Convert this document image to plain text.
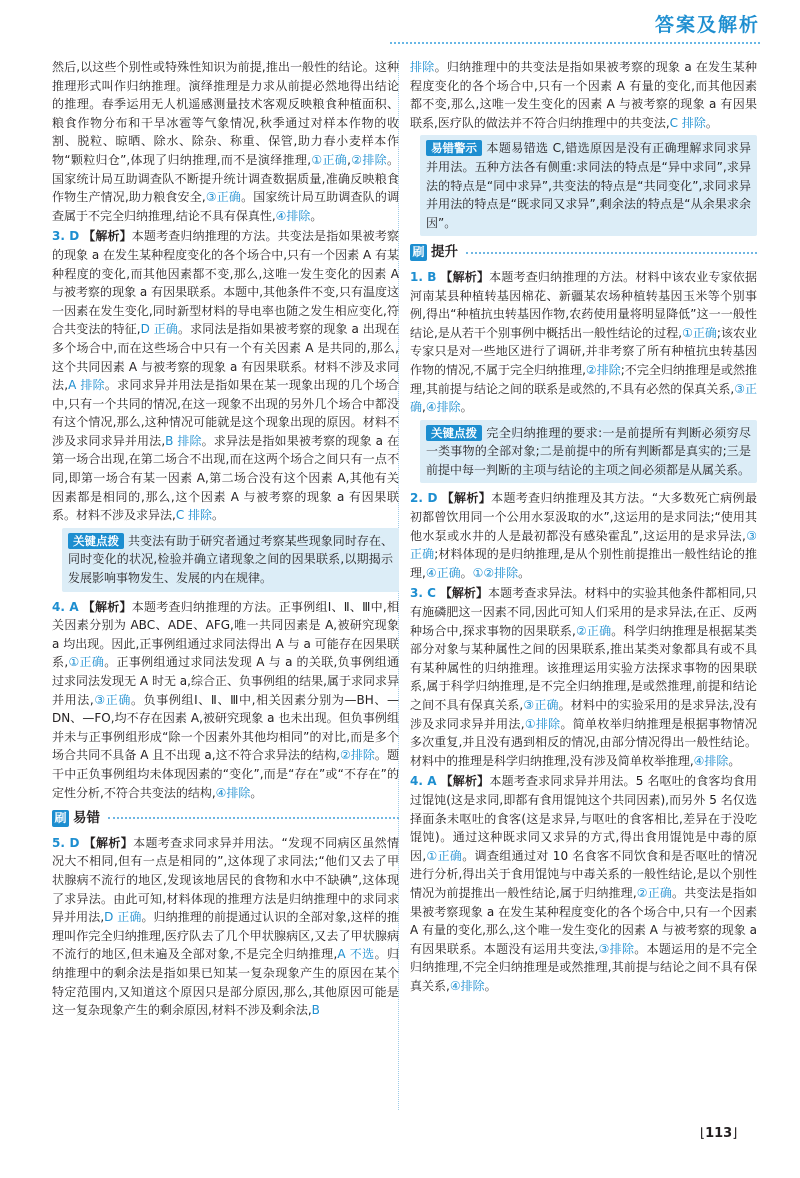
答案及解析

然后,以这些个别性或特殊性知识为前提,推出一般性的结论。这种推理形式叫作归纳推理。演绎推理是力求从前提必然地得出结论的推理。春季运用无人机遥感测量技术客观反映粮食种植面积、粮食作物分布和干旱冰雹等气象情况,秋季通过对样本作物的收割、脱粒、晾晒、除水、除杂、称重、保管,助力春小麦样本作物“颗粒归仓”,体现了归纳推理,而不是演绎推理,①正确,②排除。国家统计局互助调查队不断提升统计调查数据质量,准确反映粮食作物生产情况,助力粮食安全,③正确。国家统计局互助调查队的调查属于不完全归纳推理,结论不具有保真性,④排除。

3. D 【解析】本题考查归纳推理的方法。共变法是指如果被考察的现象 a 在发生某种程度变化的各个场合中,只有一个因素 A 有某种程度的变化,而其他因素都不变,那么,这唯一发生变化的因素 A 与被考察的现象 a 有因果联系。本题中,其他条件不变,只有温度这一因素在发生变化,同时新型材料的导电率也随之发生相应变化,符合共变法的特征,D 正确。求同法是指如果被考察的现象 a 出现在多个场合中,而在这些场合中只有一个有关因素 A 是共同的,那么,这个共同因素 A 与被考察的现象 a 有因果联系。材料不涉及求同法,A 排除。求同求异并用法是指如果在某一现象出现的几个场合中,只有一个共同的情况,在这一现象不出现的另外几个场合中都没有这个情况,那么,这种情况可能就是这个现象出现的原因。材料不涉及求同求异并用法,B 排除。求异法是指如果被考察的现象 a 在第一场合出现,在第二场合不出现,而在这两个场合之间只有一点不同,即第一场合有某一因素 A,第二场合没有这个因素 A,其他有关因素都是相同的,那么,这个因素 A 与被考察的现象 a 有因果联系。材料不涉及求异法,C 排除。

关键点拨 共变法有助于研究者通过考察某些现象同时存在、同时变化的状况,检验并确立诸现象之间的因果联系,以期揭示发展影响事物发生、发展的内在规律。

4. A 【解析】本题考查归纳推理的方法。正事例组Ⅰ、Ⅱ、Ⅲ中,相关因素分别为 ABC、ADE、AFG,唯一共同因素是 A,被研究现象 a 均出现。因此,正事例组通过求同法得出 A 与 a 可能存在因果联系,①正确。正事例组通过求同法发现 A 与 a 的关联,负事例组通过求同法发现无 A 时无 a,综合正、负事例组的结果,属于求同求异并用法,③正确。负事例组Ⅰ、Ⅱ、Ⅲ中,相关因素分别为—BH、—DN、—FO,均不存在因素 A,被研究现象 a 也未出现。但负事例组并未与正事例组形成“除一个因素外其他均相同”的对比,而是多个场合共同不具备 A 且不出现 a,这不符合求异法的结构,②排除。题干中正负事例组均未体现因素的“变化”,而是“存在”或“不存在”的定性分析,不符合共变法的结构,④排除。

刷 易错

5. D 【解析】本题考查求同求异并用法。“发现不同病区虽然情况大不相同,但有一点是相同的”,这体现了求同法;“他们又去了甲状腺病不流行的地区,发现该地居民的食物和水中不缺碘”,这体现了求异法。由此可知,材料体现的推理方法是归纳推理中的求同求异并用法,D 正确。归纳推理的前提通过认识的全部对象,这样的推理叫作完全归纳推理,医疗队去了几个甲状腺病区,又去了甲状腺病不流行的地区,但未遍及全部对象,不是完全归纳推理,A 不选。归纳推理中的剩余法是指如果已知某一复杂现象产生的原因在某个特定范围内,又知道这个原因只是部分原因,那么,其他原因可能是这一复杂现象产生的剩余原因,材料不涉及剩余法,B

排除。归纳推理中的共变法是指如果被考察的现象 a 在发生某种程度变化的各个场合中,只有一个因素 A 有量的变化,而其他因素都不变,那么,这唯一发生变化的因素 A 与被考察的现象 a 有因果联系,医疗队的做法并不符合归纳推理中的共变法,C 排除。

易错警示 本题易错选 C,错选原因是没有正确理解求同求异并用法。五种方法各有侧重:求同法的特点是“异中求同”,求异法的特点是“同中求异”,共变法的特点是“共同变化”,求同求异并用法的特点是“既求同又求异”,剩余法的特点是“从余果求余因”。
刷 提升

1. B 【解析】本题考查归纳推理的方法。材料中该农业专家依据河南某县种植转基因棉花、新疆某农场种植转基因玉米等个别事例,得出“种植抗虫转基因作物,农药使用量将明显降低”这一一般性结论,是从若干个别事例中概括出一般性结论的过程,①正确;该农业专家只是对一些地区进行了调研,并非考察了所有种植抗虫转基因作物的情况,不属于完全归纳推理,②排除;不完全归纳推理是或然推理,其前提与结论之间的联系是或然的,不具有必然的保真关系,③正确,④排除。

关键点拨 完全归纳推理的要求:一是前提所有判断必须穷尽一类事物的全部对象;二是前提中的所有判断都是真实的;三是前提中每一判断的主项与结论的主项之间必须都是从属关系。

2. D 【解析】本题考查归纳推理及其方法。“大多数死亡病例最初都曾饮用同一个公用水泵汲取的水”,这运用的是求同法;“使用其他水泵或水井的人是最初都没有感染霍乱”,这运用的是求异法,③正确;材料体现的是归纳推理,是从个别性前提推出一般性结论的推理,④正确。①②排除。

3. C 【解析】本题考查求异法。材料中的实验其他条件都相同,只有施磷肥这一因素不同,因此可知人们采用的是求异法,在正、反两种场合中,探求事物的因果联系,②正确。科学归纳推理是根据某类部分对象与某种属性之间的因果联系,推出某类对象都具有或不具有某种属性的归纳推理。该推理运用实验方法探求事物的因果联系,属于科学归纳推理,是不完全归纳推理,是或然推理,前提和结论之间不具有保真关系,③正确。材料中的实验采用的是求异法,没有涉及求同求异并用法,①排除。简单枚举归纳推理是根据事物情况多次重复,并且没有遇到相反的情况,由部分情况得出一般性结论。材料中的推理是科学归纳推理,没有涉及简单枚举推理,④排除。

4. A 【解析】本题考查求同求异并用法。5 名呕吐的食客均食用过馄饨(这是求同,即都有食用馄饨这个共同因素),而另外 5 名仅选择面条未呕吐的食客(这是求异,与呕吐的食客相比,差异在于没吃馄饨)。通过这种既求同又求异的方式,得出食用馄饨是中毒的原因,①正确。调查组通过对 10 名食客不同饮食和是否呕吐的情况进行分析,得出关于食用馄饨与中毒关系的一般性结论,是以个别性情况为前提推出一般性结论,属于归纳推理,②正确。共变法是指如果被考察现象 a 在发生某种程度变化的各个场合中,只有一个因素 A 有量的变化,那么,这个唯一发生变化的因素 A 与被考察的现象 a 有因果联系。本题没有运用共变法,③排除。本题运用的是不完全归纳推理,不完全归纳推理是或然推理,其前提与结论之间不具有保真关系,④排除。

⌊113⌋
